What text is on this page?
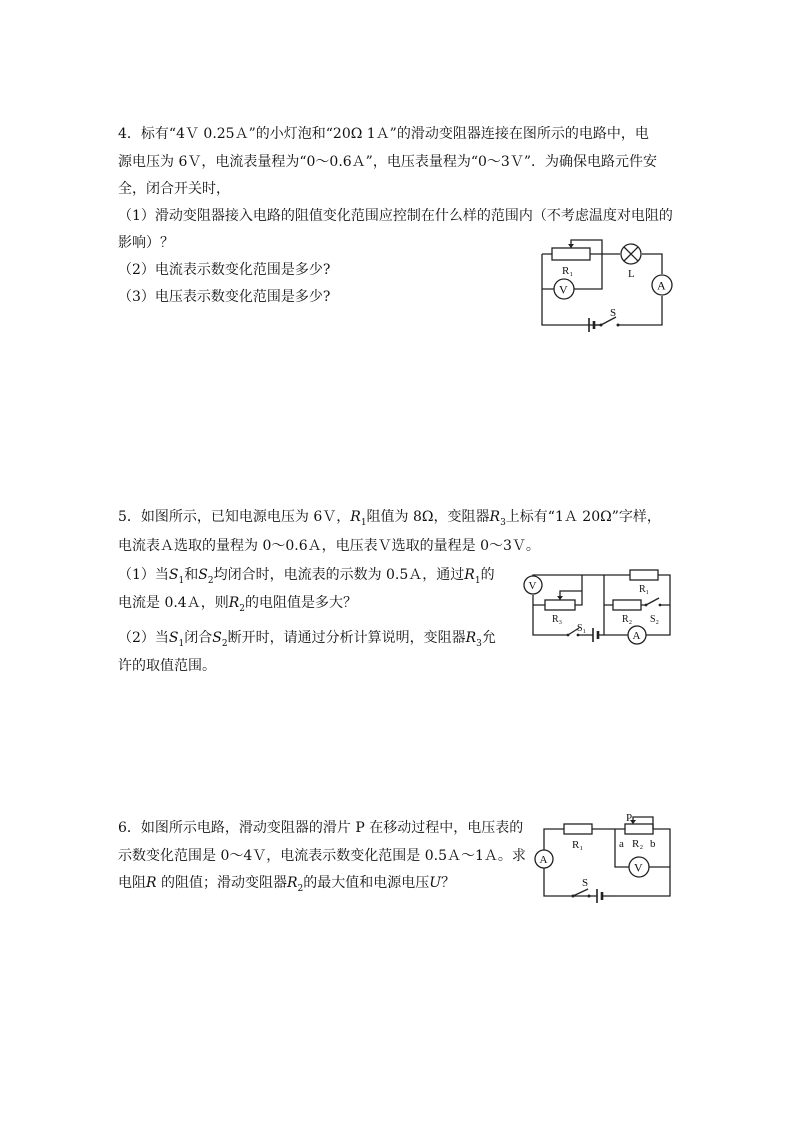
4．标有“4Ｖ 0.25Ａ”的小灯泡和“20Ω 1Ａ”的滑动变阻器连接在图所示的电路中，电
源电压为 6Ｖ，电流表量程为“0～0.6Ａ”，电压表量程为“0～3Ｖ”．为确保电路元件安
全，闭合开关时，
（1）滑动变阻器接入电路的阻值变化范围应控制在什么样的范围内（不考虑温度对电阻的
影响）？
（2）电流表示数变化范围是多少?
（3）电压表示数变化范围是多少?
R₁	L
A
V
S
5．如图所示，已知电源电压为 6Ｖ，$R_1$阻值为 8Ω，变阻器$R_3$上标有“1Ａ 20Ω”字样，
电流表Ａ选取的量程为 0～0.6Ａ，电压表Ｖ选取的量程是 0～3Ｖ。
（1）当$S_1$和$S_2$均闭合时，电流表的示数为 0.5Ａ，通过$R_1$的
电流是 0.4Ａ，则$R_2$的电阻值是多大？
（2）当$S_1$闭合$S_2$断开时，请通过分析计算说明，变阻器$R_3$允
许的取值范围。
V
R₃
R₁
R₂ S₂
S₁
A
6．如图所示电路，滑动变阻器的滑片 P 在移动过程中，电压表的
示数变化范围是 0～4Ｖ，电流表示数变化范围是 0.5Ａ～1Ａ。求
电阻R 的阻值；滑动变阻器$R_2$的最大值和电源电压U？
R₁
P
a R₂ b
V
A
S
